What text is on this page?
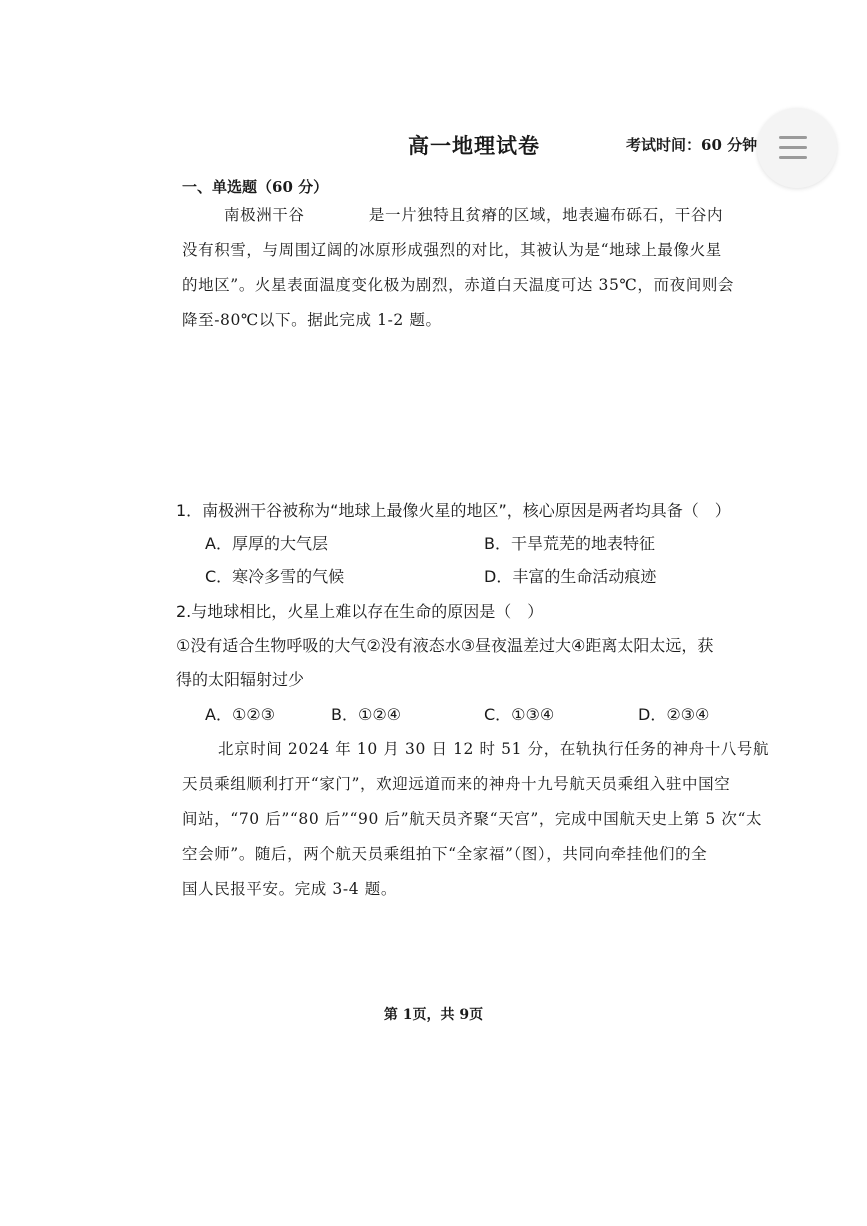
高一地理试卷	考试时间：60 分钟
一、单选题（60 分）
南极洲干谷　　　　是一片独特且贫瘠的区域，地表遍布砾石，干谷内
没有积雪，与周围辽阔的冰原形成强烈的对比，其被认为是“地球上最像火星
的地区”。火星表面温度变化极为剧烈，赤道白天温度可达 35℃，而夜间则会
降至-80℃以下。据此完成 1-2 题。
1．南极洲干谷被称为“地球上最像火星的地区”，核心原因是两者均具备（　）
A．厚厚的大气层	B．干旱荒芜的地表特征
C．寒冷多雪的气候	D．丰富的生命活动痕迹
2.与地球相比，火星上难以存在生命的原因是（　）
①没有适合生物呼吸的大气②没有液态水③昼夜温差过大④距离太阳太远，获
得的太阳辐射过少
A．①②③	B．①②④	C．①③④	D．②③④
北京时间 2024 年 10 月 30 日 12 时 51 分，在轨执行任务的神舟十八号航
天员乘组顺利打开“家门”，欢迎远道而来的神舟十九号航天员乘组入驻中国空
间站，“70 后”“80 后”“90 后”航天员齐聚“天宫”，完成中国航天史上第 5 次“太
空会师”。随后，两个航天员乘组拍下“全家福”（图），共同向牵挂他们的全
国人民报平安。完成 3-4 题。
第 1页，共 9页
